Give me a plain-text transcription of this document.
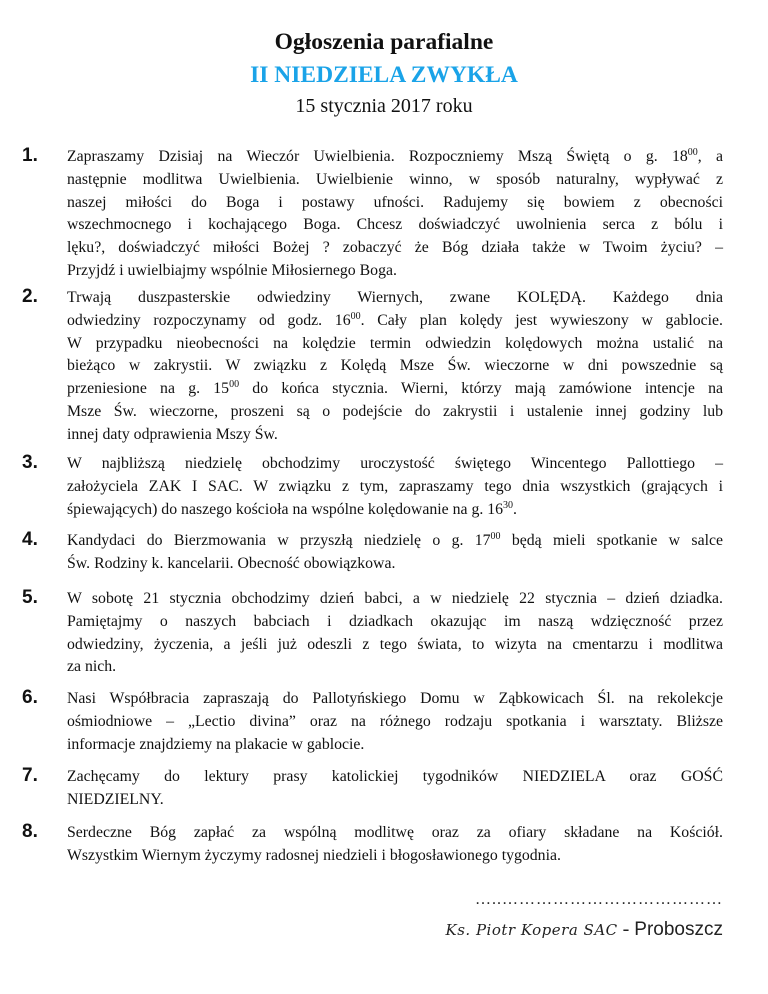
Ogłoszenia parafialne
II NIEDZIELA ZWYKŁA
15 stycznia 2017 roku
1. Zapraszamy Dzisiaj na Wieczór Uwielbienia. Rozpoczniemy Mszą Świętą o g. $18^{00}$, a
następnie modlitwa Uwielbienia. Uwielbienie winno, w sposób naturalny, wypływać z
naszej miłości do Boga i postawy ufności. Radujemy się bowiem z obecności
wszechmocnego i kochającego Boga. Chcesz doświadczyć uwolnienia serca z bólu i
lęku?, doświadczyć miłości Bożej ? zobaczyć że Bóg działa także w Twoim życiu? –
Przyjdź i uwielbiajmy wspólnie Miłosiernego Boga.
2. Trwają duszpasterskie odwiedziny Wiernych, zwane KOLĘDĄ. Każdego dnia
odwiedziny rozpoczynamy od godz. $16^{00}$. Cały plan kolędy jest wywieszony w gablocie.
W przypadku nieobecności na kolędzie termin odwiedzin kolędowych można ustalić na
bieżąco w zakrystii. W związku z Kolędą Msze Św. wieczorne w dni powszednie są
przeniesione na g. $15^{00}$ do końca stycznia. Wierni, którzy mają zamówione intencje na
Msze Św. wieczorne, proszeni są o podejście do zakrystii i ustalenie innej godziny lub
innej daty odprawienia Mszy Św.
3. W najbliższą niedzielę obchodzimy uroczystość świętego Wincentego Pallottiego –
założyciela ZAK I SAC. W związku z tym, zapraszamy tego dnia wszystkich (grających i
śpiewających) do naszego kościoła na wspólne kolędowanie na g. $16^{30}$.
4. Kandydaci do Bierzmowania w przyszłą niedzielę o g. $17^{00}$ będą mieli spotkanie w salce
Św. Rodziny k. kancelarii. Obecność obowiązkowa.
5. W sobotę 21 stycznia obchodzimy dzień babci, a w niedzielę 22 stycznia – dzień dziadka.
Pamiętajmy o naszych babciach i dziadkach okazując im naszą wdzięczność przez
odwiedziny, życzenia, a jeśli już odeszli z tego świata, to wizyta na cmentarzu i modlitwa
za nich.
6. Nasi Współbracia zapraszają do Pallotyńskiego Domu w Ząbkowicach Śl. na rekolekcje
ośmiodniowe – „Lectio divina” oraz na różnego rodzaju spotkania i warsztaty. Bliższe
informacje znajdziemy na plakacie w gablocie.
7. Zachęcamy do lektury prasy katolickiej tygodników NIEDZIELA oraz GOŚĆ
NIEDZIELNY.
8. Serdeczne Bóg zapłać za wspólną modlitwę oraz za ofiary składane na Kościół.
Wszystkim Wiernym życzymy radosnej niedzieli i błogosławionego tygodnia.
…..…………………………………
Ks. Piotr Kopera SAC - Proboszcz
